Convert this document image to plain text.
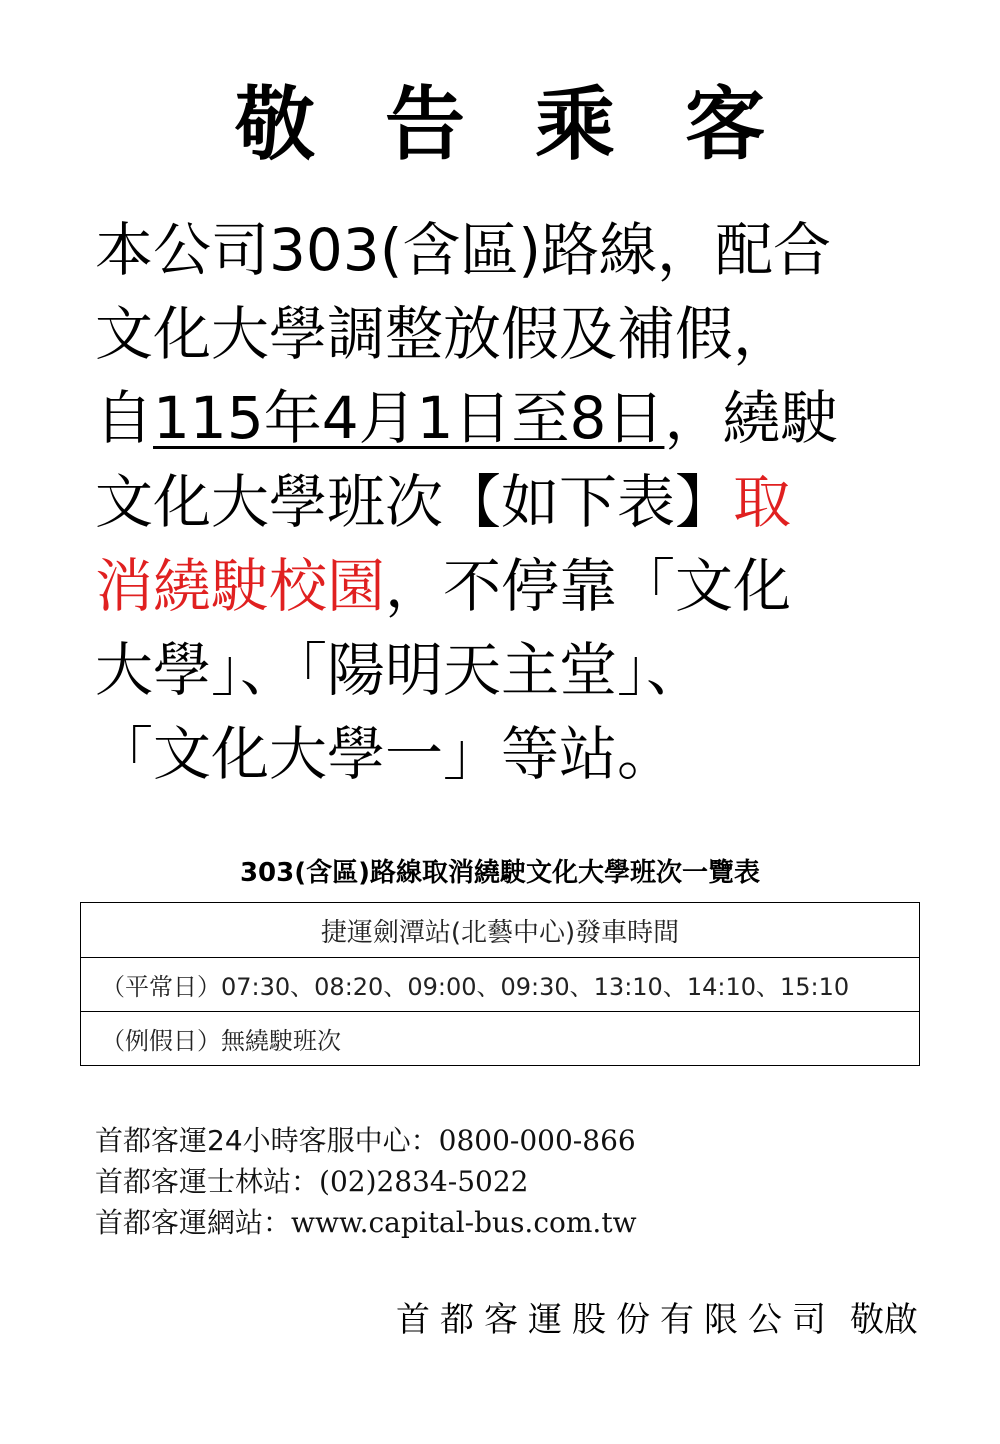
敬 告 乘 客
本公司303(含區)路線，配合
文化大學調整放假及補假，
自 115年4月1日至8日 ，繞駛
文化大學班次【如下表】 取
消繞駛校園 ，不停靠「文化
大學」、「陽明天主堂」、
「文化大學一」等站。
303(含區)路線取消繞駛文化大學班次一覽表
捷運劍潭站(北藝中心)發車時間
（平常日）07:30、08:20、09:00、09:30、13:10、14:10、15:10
（例假日）無繞駛班次
首都客運24小時客服中心：0800-000-866
首都客運士林站：(02)2834-5022
首都客運網站：www.capital-bus.com.tw
首都客運股份有限公司 敬啟
